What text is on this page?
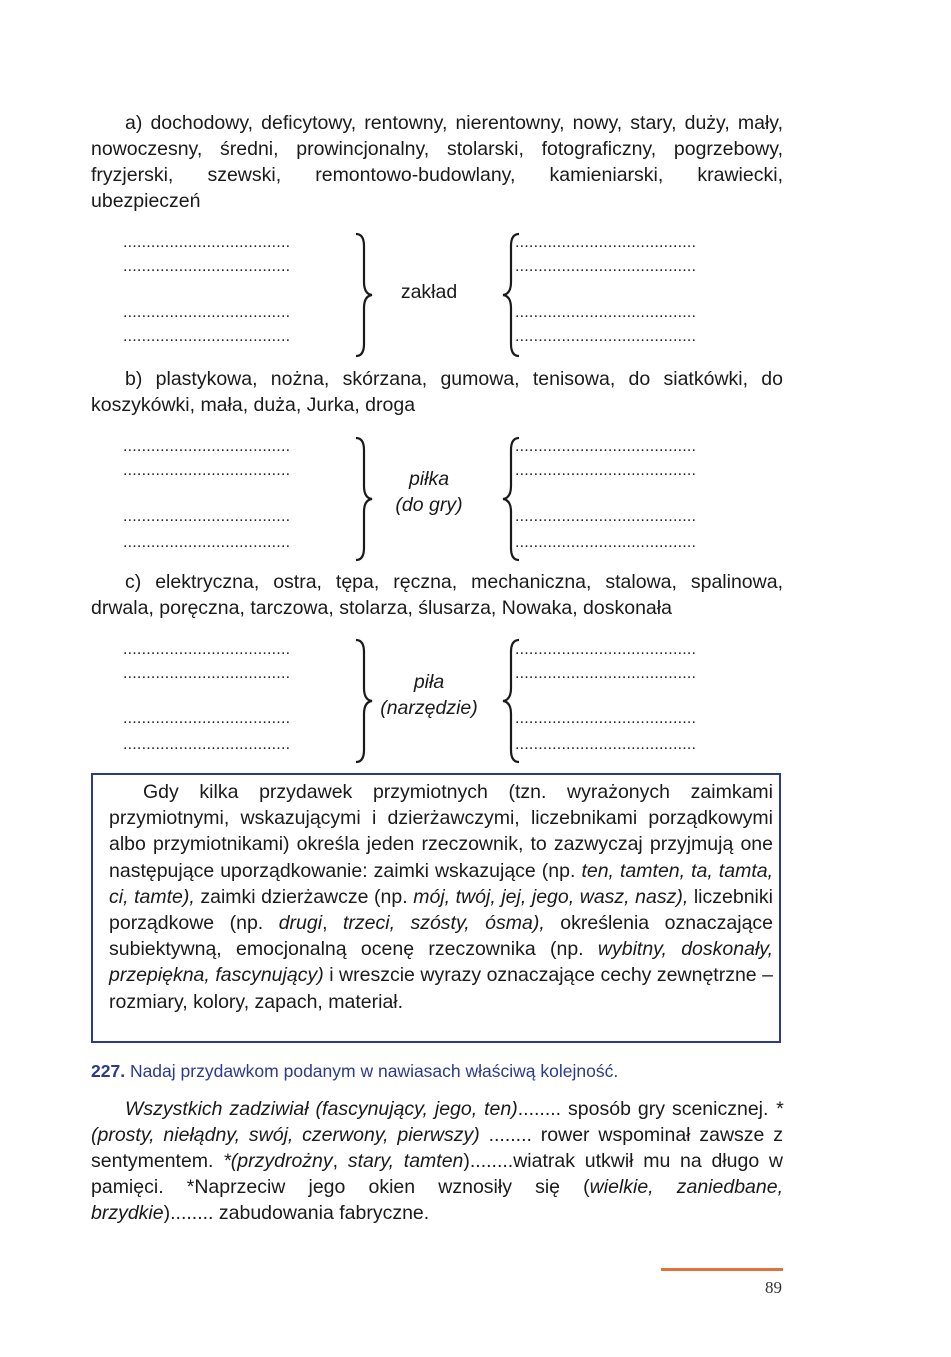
a) dochodowy, deficytowy, rentowny, nierentowny, nowy, stary, duży, mały, nowoczesny, średni, prowincjonalny, stolarski, fotograficzny, pogrzebowy, fryzjerski, szewski, remontowo-budowlany, kamieniarski, krawiecki, ubezpieczeń

....................................
....................................
....................................
....................................
.......................................
.......................................
.......................................
.......................................
zakład

b) plastykowa, nożna, skórzana, gumowa, tenisowa, do siatkówki, do koszykówki, mała, duża, Jurka, droga

....................................
....................................
....................................
....................................
.......................................
.......................................
.......................................
.......................................
piłka
(do gry)

c) elektryczna, ostra, tępa, ręczna, mechaniczna, stalowa, spalinowa, drwala, poręczna, tarczowa, stolarza, ślusarza, Nowaka, doskonała

....................................
....................................
....................................
....................................
.......................................
.......................................
.......................................
.......................................
piła
(narzędzie)

Gdy kilka przydawek przymiotnych (tzn. wyrażonych zaimkami przymiotnymi, wskazującymi i dzierżawczymi, liczebnikami porządkowymi albo przymiotnikami) określa jeden rzeczownik, to zazwyczaj przyjmują one następujące uporządkowanie: zaimki wskazujące (np. ten, tamten, ta, tamta, ci, tamte), zaimki dzierżawcze (np. mój, twój, jej, jego, wasz, nasz), liczebniki porządkowe (np. drugi, trzeci, szósty, ósma), określenia oznaczające subiektywną, emocjonalną ocenę rzeczownika (np. wybitny, doskonały, przepiękna, fascynujący) i wreszcie wyrazy oznaczające cechy zewnętrzne – rozmiary, kolory, zapach, materiał.

227. Nadaj przydawkom podanym w nawiasach właściwą kolejność.

Wszystkich zadziwiał (fascynujący, jego, ten)........ sposób gry scenicznej. *(prosty, niełądny, swój, czerwony, pierwszy) ........ rower wspominał zawsze z sentymentem. *(przydrożny, stary, tamten)........wiatrak utkwił mu na długo w pamięci. *Naprzeciw jego okien wznosiły się (wielkie, zaniedbane, brzydkie)........ zabudowania fabryczne.

89
